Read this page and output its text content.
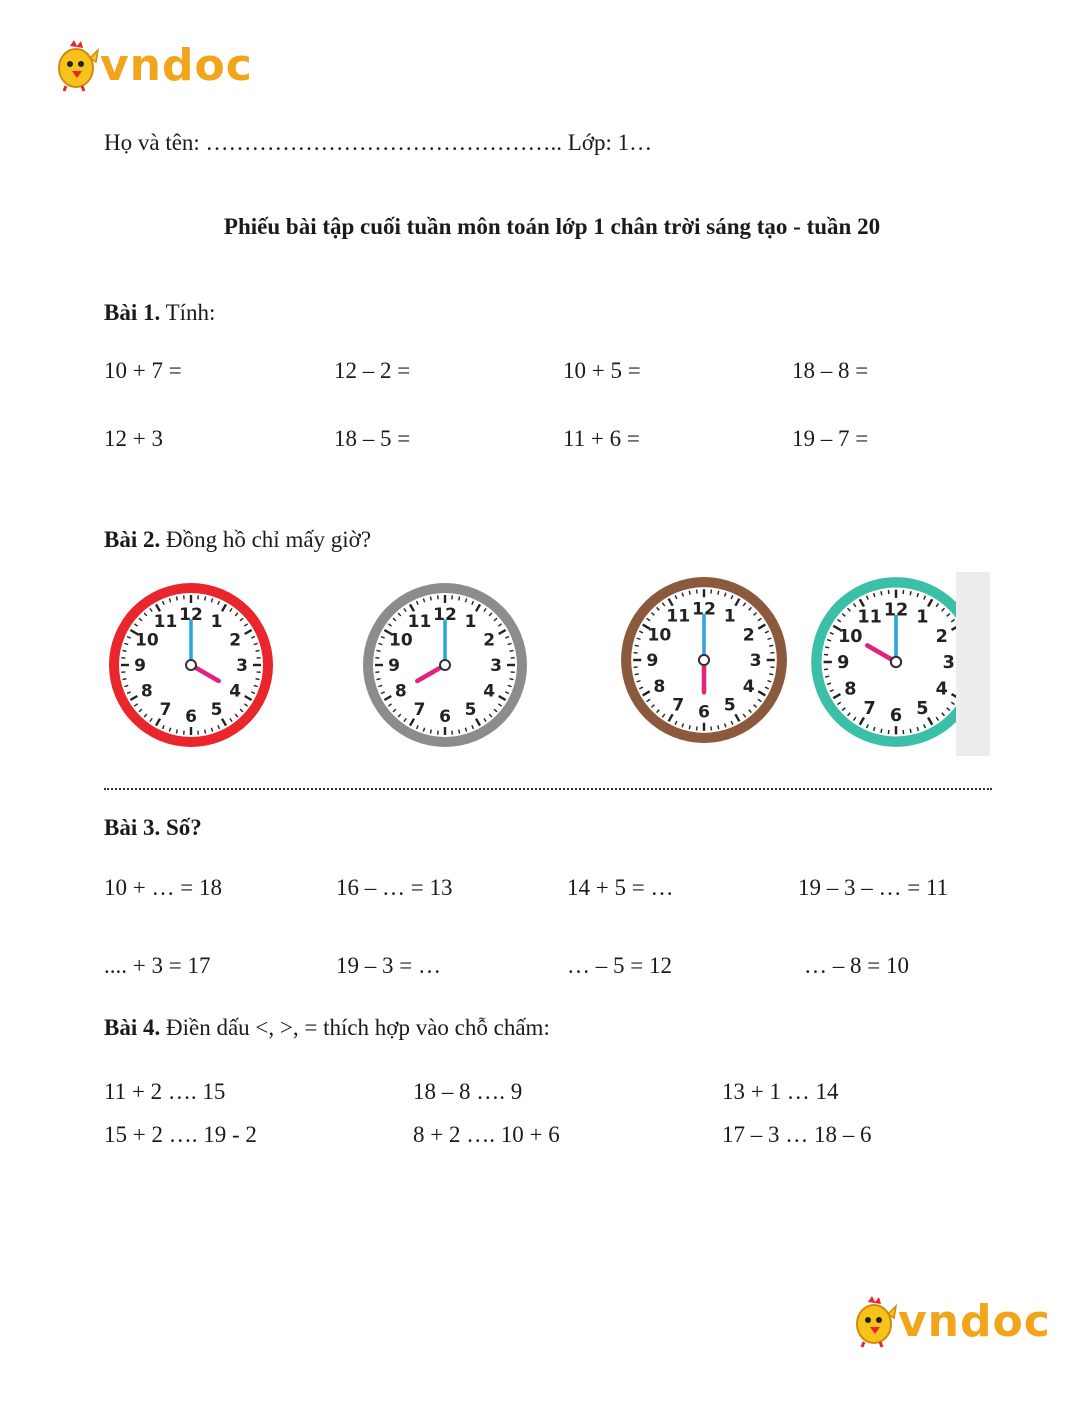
vndoc
Họ và tên: ……………………………………….. Lớp: 1…
Phiếu bài tập cuối tuần môn toán lớp 1 chân trời sáng tạo - tuần 20
Bài 1. Tính:
10 + 7 =	12 – 2 =	10 + 5 =	18 – 8 =
12 + 3	18 – 5 =	11 + 6 =	19 – 7 =
Bài 2. Đồng hồ chỉ mấy giờ?
1
2
3
4
5
6
7
8
9
10
11 12	1
2
3
4
5
6
7
8
9
10
11 12	1
2
3
4
5
6
7
8
9
10
11 12	1
2
3
4
5
6
7
8
9
10
11 12
Bài 3. Số?
10 + … = 18	16 – … = 13	14 + 5 = …	19 – 3 – … = 11
.... + 3 = 17	19 – 3 = …	… – 5 = 12	… – 8 = 10
Bài 4. Điền dấu <, >, = thích hợp vào chỗ chấm:
11 + 2 …. 15	18 – 8 …. 9	13 + 1 … 14
15 + 2 …. 19 - 2	8 + 2 …. 10 + 6	17 – 3 … 18 – 6
vndoc
